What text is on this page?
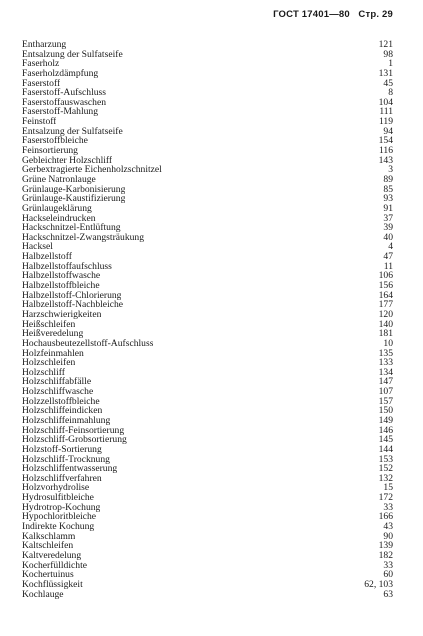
ГОСТ 17401—80 Стр. 29
Entharzung	121
Entsalzung der Sulfatseife	98
Faserholz	1
Faserholzdämpfung	131
Faserstoff	45
Faserstoff-Aufschluss	8
Faserstoffauswaschen	104
Faserstoff-Mahlung	111
Feinstoff	119
Entsalzung der Sulfatseife	94
Faserstoffbleiche	154
Feinsortierung	116
Gebleichter Holzschliff	143
Gerbextragierte Eichenholzschnitzel	3
Grüne Natronlauge	89
Grünlauge-Karbonisierung	85
Grünlauge-Kaustifizierung	93
Grünlaugeklärung	91
Hackseleindrucken	37
Hackschnitzel-Entlüftung	39
Hackschnitzel-Zwangsträukung	40
Hacksel	4
Halbzellstoff	47
Halbzellstoffaufschluss	11
Halbzellstoffwasche	106
Halbzellstoffbleiche	156
Halbzellstoff-Chlorierung	164
Halbzellstoff-Nachbleiche	177
Harzschwierigkeiten	120
Heißschleifen	140
Heißveredelung	181
Hochausbeutezellstoff-Aufschluss	10
Holzfeinmahlen	135
Holzschleifen	133
Holzschliff	134
Holzschliffabfälle	147
Holzschliffwasche	107
Holzzellstoffbleiche	157
Holzschliffeindicken	150
Holzschliffeinmahlung	149
Holzschliff-Feinsortierung	146
Holzschliff-Grobsortierung	145
Holzstoff-Sortierung	144
Holzschliff-Trocknung	153
Holzschliffentwasserung	152
Holzschliffverfahren	132
Holzvorhydrolise	15
Hydrosulfitbleiche	172
Hydrotrop-Kochung	33
Hypochloritbleiche	166
Indirekte Kochung	43
Kalkschlamm	90
Kaltschleifen	139
Kaltveredelung	182
Kocherfülldichte	33
Kochertuinus	60
Kochflüssigkeit	62, 103
Kochlauge	63
